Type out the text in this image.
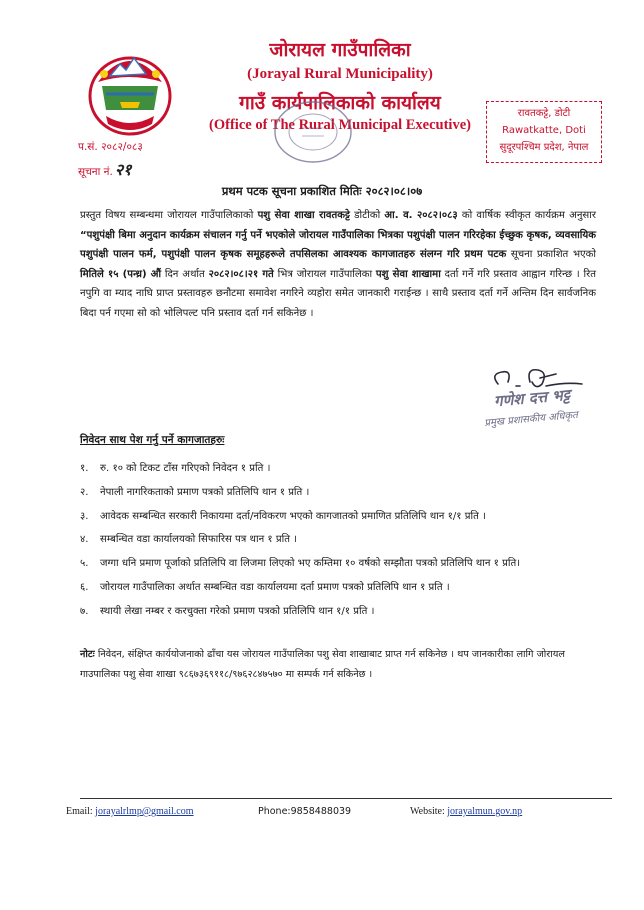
जोरायल गाउँपालिका
(Jorayal Rural Municipality)
गाउँ कार्यपालिकाको कार्यालय
(Office of The Rural Municipal Executive)
प.सं. २०८२/०८३
सूचना नं. २१
रावतकट्टे, डोटी
Rawatkatte, Doti
सुदूरपश्चिम प्रदेश, नेपाल
प्रथम पटक सूचना प्रकाशित मितिः २०८२।०८।०७

प्रस्तुत विषय सम्बन्धमा जोरायल गाउँपालिकाको पशु सेवा शाखा रावतकट्टे डोटीको आ. व. २०८२।०८३ को वार्षिक स्वीकृत कार्यक्रम अनुसार “पशुपंक्षी बिमा अनुदान कार्यक्रम संचालन गर्नु पर्ने भएकोले जोरायल गाउँपालिका भित्रका पशुपंक्षी पालन गरिरहेका ईच्छुक कृषक, व्यवसायिक पशुपंक्षी पालन फर्म, पशुपंक्षी पालन कृषक समूहहरूले तपसिलका आवश्यक कागजातहरु संलग्न गरि प्रथम पटक सूचना प्रकाशित भएको मितिले १५ (पन्ध्र) औं दिन अर्थात २०८२।०८।२१ गते भित्र जोरायल गाउँपालिका पशु सेवा शाखामा दर्ता गर्ने गरि प्रस्ताव आह्वान गरिन्छ । रित नपुगि वा म्याद नाघि प्राप्त प्रस्तावहरु छनौटमा समावेश नगरिने व्यहोरा समेत जानकारी गराईन्छ । साथै प्रस्ताव दर्ता गर्ने अन्तिम दिन सार्वजनिक बिदा पर्न गएमा सो को भोलिपल्ट पनि प्रस्ताव दर्ता गर्न सकिनेछ ।

गणेश दत्त भट्ट
प्रमुख प्रशासकीय अधिकृत
निवेदन साथ पेश गर्नु पर्ने कागजातहरुः
१. रु. १० को टिकट टाँस गरिएको निवेदन १ प्रति ।
२. नेपाली नागरिकताको प्रमाण पत्रको प्रतिलिपि थान १ प्रति ।
३. आवेदक सम्बन्धित सरकारी निकायमा दर्ता/नविकरण भएको कागजातको प्रमाणित प्रतिलिपि थान १/१ प्रति ।
४. सम्बन्धित वडा कार्यालयको सिफारिस पत्र थान १ प्रति ।
५. जग्गा धनि प्रमाण पूर्जाको प्रतिलिपि वा लिजमा लिएको भए कम्तिमा १० वर्षको सम्झौता पत्रको प्रतिलिपि थान १ प्रति।
६. जोरायल गाउँपालिका अर्थात सम्बन्धित वडा कार्यालयमा दर्ता प्रमाण पत्रको प्रतिलिपि थान १ प्रति ।
७. स्थायी लेखा नम्बर र करचुक्ता गरेको प्रमाण पत्रको प्रतिलिपि थान १/१ प्रति ।

नोटः निवेदन, संक्षिप्त कार्ययोजनाको ढाँचा यस जोरायल गाउँपालिका पशु सेवा शाखाबाट प्राप्त गर्न सकिनेछ । थप जानकारीका लागि जोरायल गाउपालिका पशु सेवा शाखा ९८६७३६९११८/९७६२८४७५७० मा सम्पर्क गर्न सकिनेछ ।

Email: jorayalrlmp@gmail.com	Phone:9858488039	Website: jorayalmun.gov.np
